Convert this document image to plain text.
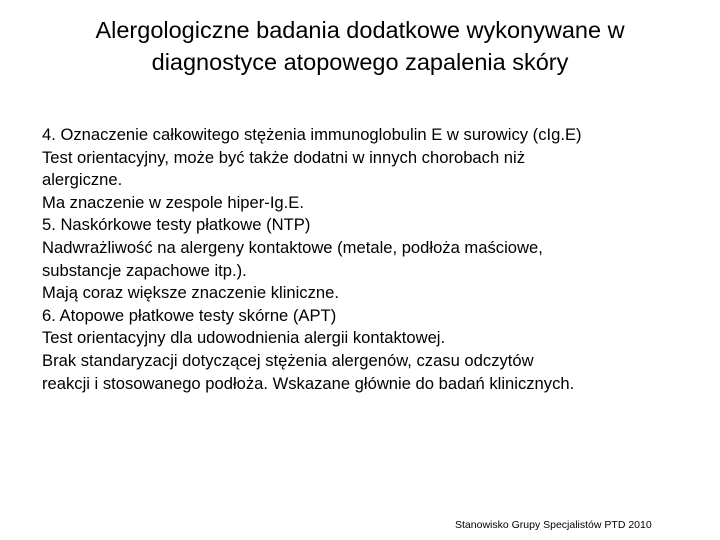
Alergologiczne badania dodatkowe wykonywane w
diagnostyce atopowego zapalenia skóry
4. Oznaczenie całkowitego stężenia immunoglobulin E w surowicy (cIg.E)
Test orientacyjny, może być także dodatni w innych chorobach niż
alergiczne.
Ma znaczenie w zespole hiper-Ig.E.
5. Naskórkowe testy płatkowe (NTP)
Nadwrażliwość na alergeny kontaktowe (metale, podłoża maściowe,
substancje zapachowe itp.).
Mają coraz większe znaczenie kliniczne.
6. Atopowe płatkowe testy skórne (APT)
Test orientacyjny dla udowodnienia alergii kontaktowej.
Brak standaryzacji dotyczącej stężenia alergenów, czasu odczytów
reakcji i stosowanego podłoża. Wskazane głównie do badań klinicznych.
Stanowisko Grupy Specjalistów PTD 2010
